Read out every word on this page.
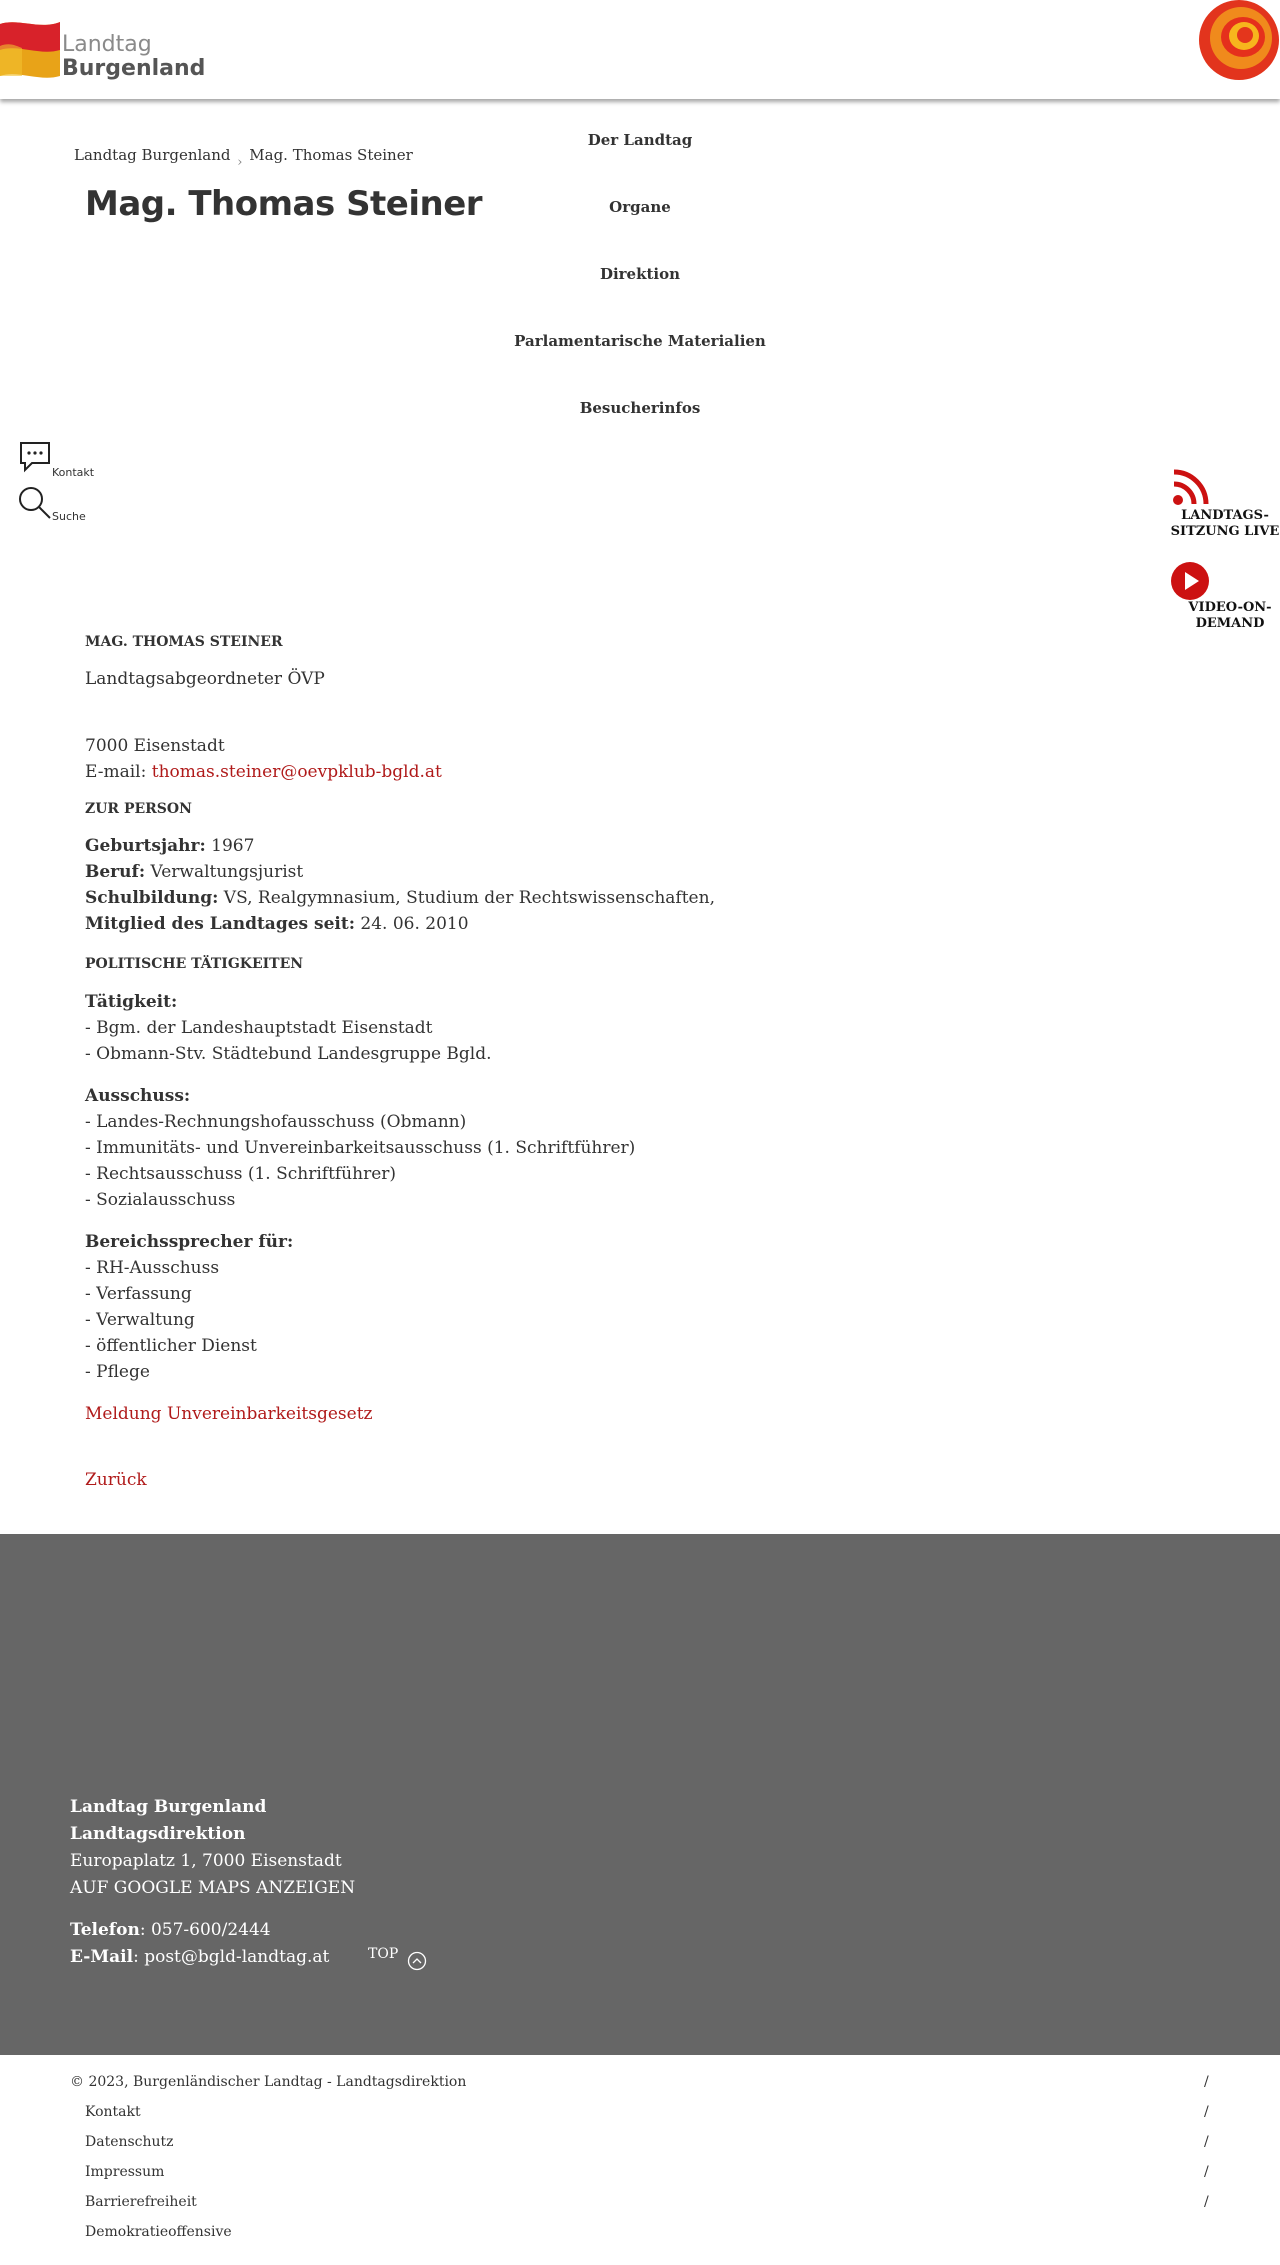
Landtag
Burgenland
Landtag Burgenland › Mag. Thomas Steiner
Mag. Thomas Steiner
Der Landtag
Organe
Direktion
Parlamentarische Materialien
Besucherinfos
Kontakt
Suche	LANDTAGS-
SITZUNG LIVE
VIDEO-ON-
DEMAND
MAG. THOMAS STEINER
Landtagsabgeordneter ÖVP
7000 Eisenstadt
E-mail: thomas.steiner@oevpklub-bgld.at
ZUR PERSON
Geburtsjahr: 1967
Beruf: Verwaltungsjurist
Schulbildung: VS, Realgymnasium, Studium der Rechtswissenschaften,
Mitglied des Landtages seit: 24. 06. 2010
POLITISCHE TÄTIGKEITEN
Tätigkeit:
- Bgm. der Landeshauptstadt Eisenstadt
- Obmann-Stv. Städtebund Landesgruppe Bgld.
Ausschuss:
- Landes-Rechnungshofausschuss (Obmann)
- Immunitäts- und Unvereinbarkeitsausschuss (1. Schriftführer)
- Rechtsausschuss (1. Schriftführer)
- Sozialausschuss
Bereichssprecher für:
- RH-Ausschuss
- Verfassung
- Verwaltung
- öffentlicher Dienst
- Pflege
Meldung Unvereinbarkeitsgesetz
Zurück
Landtag Burgenland
Landtagsdirektion
Europaplatz 1, 7000 Eisenstadt
AUF GOOGLE MAPS ANZEIGEN
Telefon: 057-600/2444
E-Mail: post@bgld-landtag.at	TOP
© 2023, Burgenländischer Landtag - Landtagsdirektion
Kontakt
Datenschutz
Impressum
Barrierefreiheit
Demokratieoffensive
/
/
/
/
/
